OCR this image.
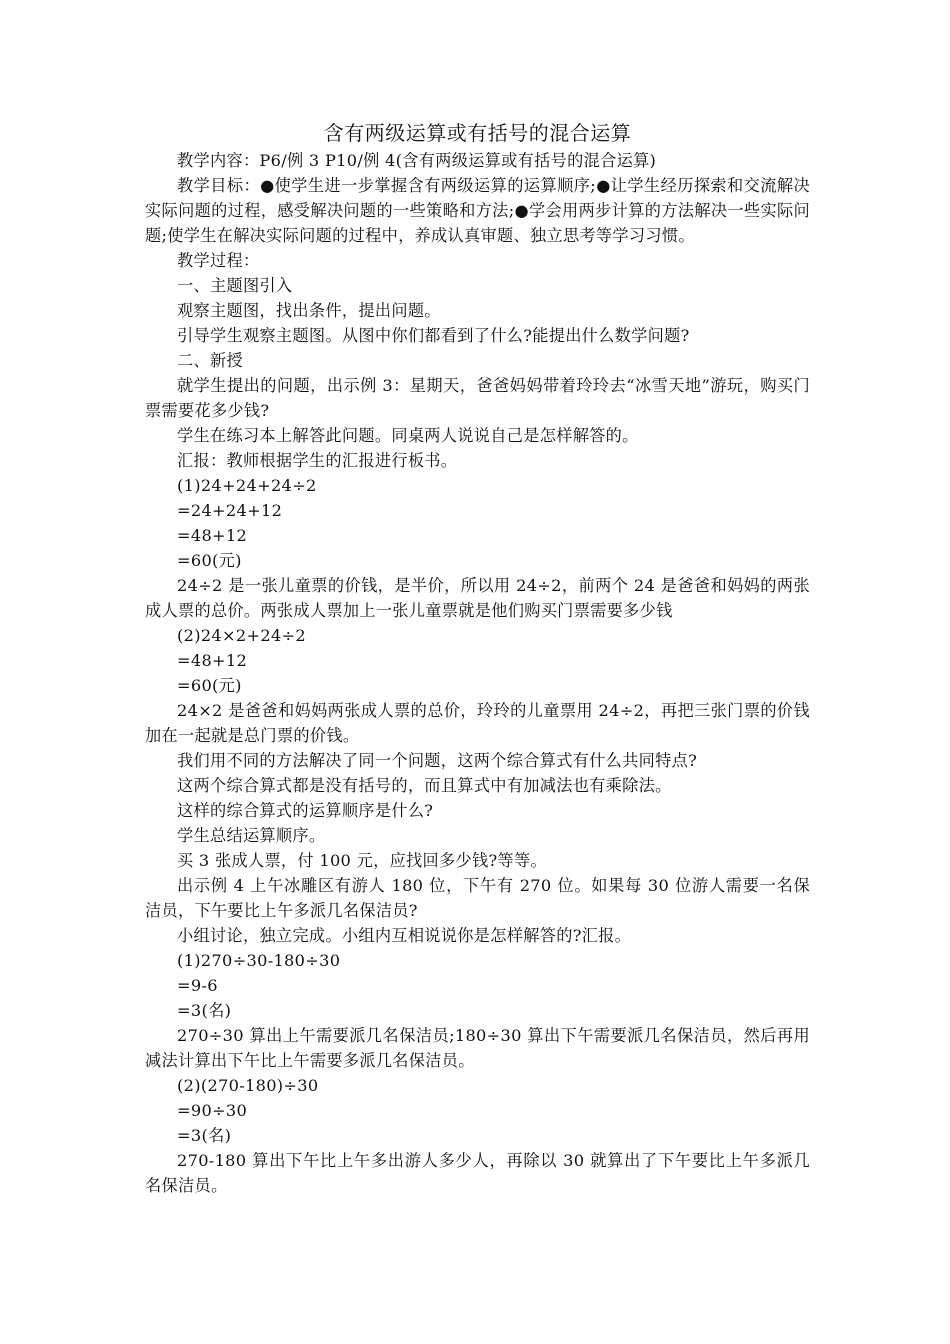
含有两级运算或有括号的混合运算

教学内容：P6/例 3 P10/例 4(含有两级运算或有括号的混合运算)

教学目标：●使学生进一步掌握含有两级运算的运算顺序;●让学生经历探索和交流解决实际问题的过程，感受解决问题的一些策略和方法;●学会用两步计算的方法解决一些实际问题;使学生在解决实际问题的过程中，养成认真审题、独立思考等学习习惯。

教学过程：

一、主题图引入

观察主题图，找出条件，提出问题。

引导学生观察主题图。从图中你们都看到了什么?能提出什么数学问题?

二、新授

就学生提出的问题，出示例 3：星期天，爸爸妈妈带着玲玲去“冰雪天地”游玩，购买门票需要花多少钱?

学生在练习本上解答此问题。同桌两人说说自己是怎样解答的。

汇报：教师根据学生的汇报进行板书。

(1)24+24+24÷2

=24+24+12

=48+12

=60(元)

24÷2 是一张儿童票的价钱，是半价，所以用 24÷2，前两个 24 是爸爸和妈妈的两张成人票的总价。两张成人票加上一张儿童票就是他们购买门票需要多少钱

(2)24×2+24÷2

=48+12

=60(元)

24×2 是爸爸和妈妈两张成人票的总价，玲玲的儿童票用 24÷2，再把三张门票的价钱加在一起就是总门票的价钱。

我们用不同的方法解决了同一个问题，这两个综合算式有什么共同特点?

这两个综合算式都是没有括号的，而且算式中有加减法也有乘除法。

这样的综合算式的运算顺序是什么?

学生总结运算顺序。

买 3 张成人票，付 100 元，应找回多少钱?等等。

出示例 4 上午冰雕区有游人 180 位，下午有 270 位。如果每 30 位游人需要一名保洁员，下午要比上午多派几名保洁员?

小组讨论，独立完成。小组内互相说说你是怎样解答的?汇报。

(1)270÷30-180÷30

=9-6

=3(名)

270÷30 算出上午需要派几名保洁员;180÷30 算出下午需要派几名保洁员，然后再用减法计算出下午比上午需要多派几名保洁员。

(2)(270-180)÷30

=90÷30

=3(名)

270-180 算出下午比上午多出游人多少人，再除以 30 就算出了下午要比上午多派几名保洁员。
